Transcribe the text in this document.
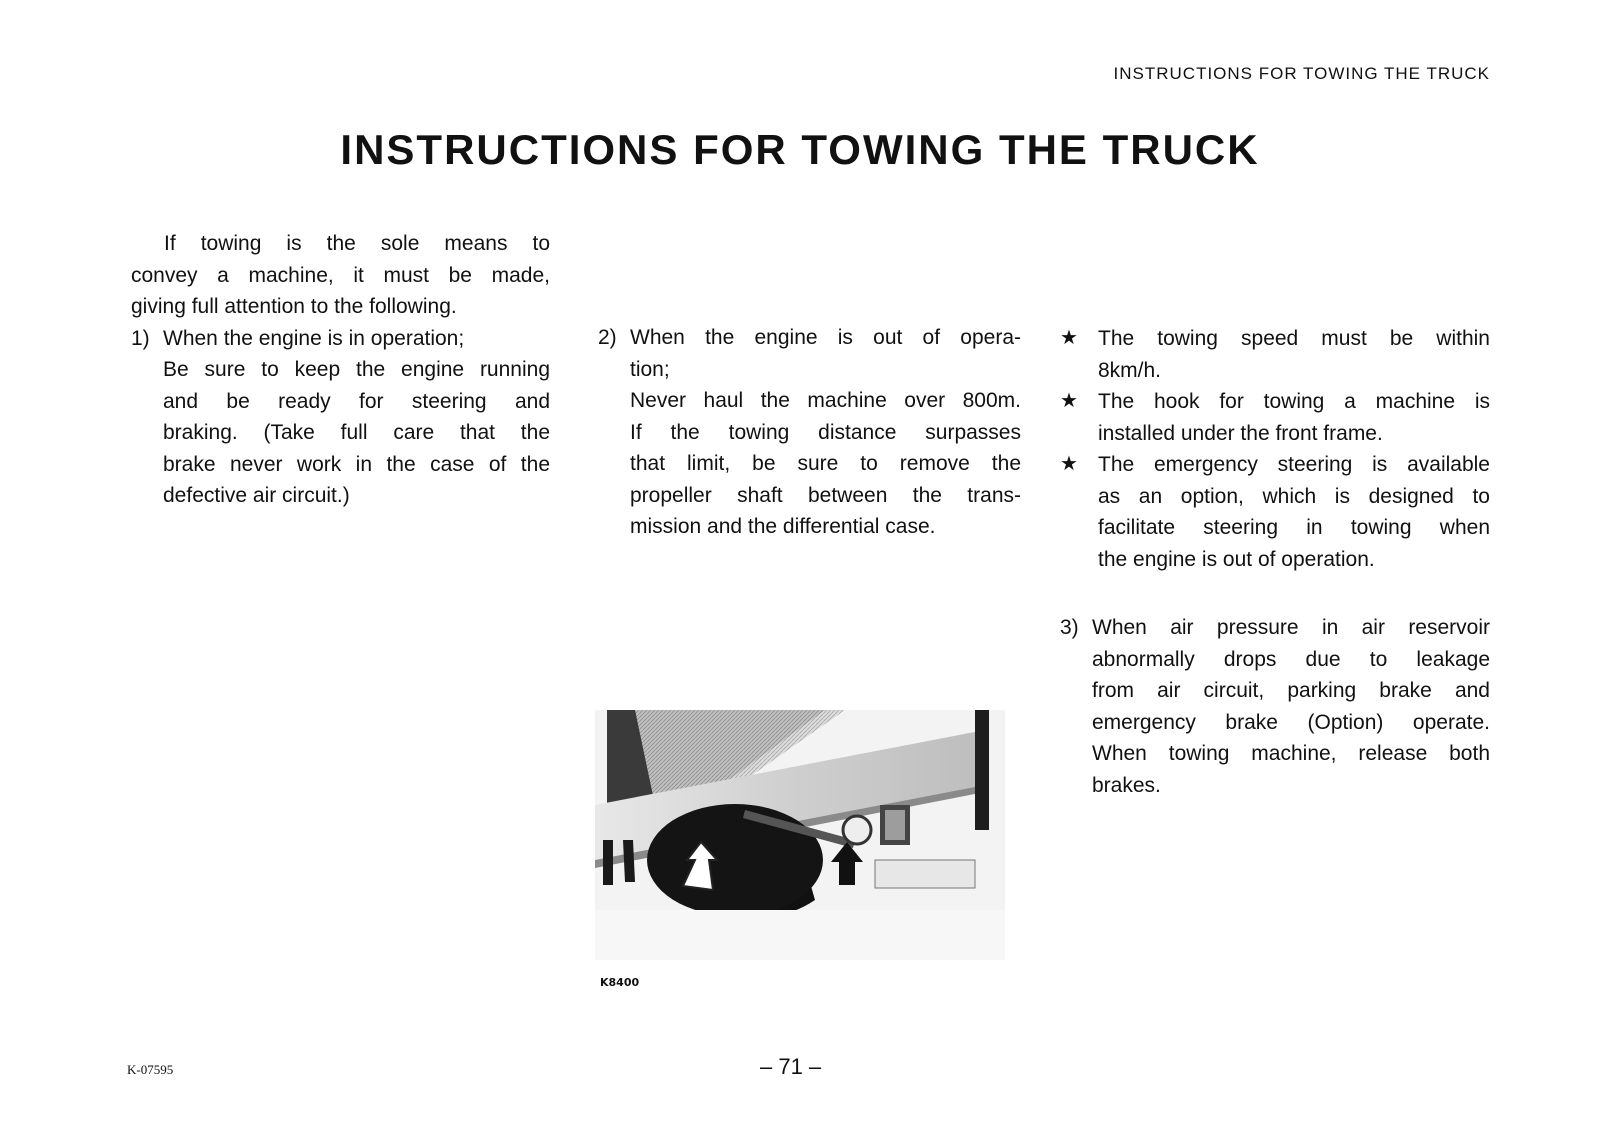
INSTRUCTIONS FOR TOWING THE TRUCK
INSTRUCTIONS FOR TOWING THE TRUCK

If towing is the sole means to

convey a machine, it must be made,

giving full attention to the following.

1) When the engine is in operation;

Be sure to keep the engine running

and be ready for steering and

braking. (Take full care that the

brake never work in the case of the

defective air circuit.)

2) When the engine is out of opera-

tion;

Never haul the machine over 800m.

If the towing distance surpasses

that limit, be sure to remove the

propeller shaft between the trans-

mission and the differential case.

★ The towing speed must be within

8km/h.

★ The hook for towing a machine is

installed under the front frame.

★ The emergency steering is available

as an option, which is designed to

facilitate steering in towing when

the engine is out of operation.

3) When air pressure in air reservoir

abnormally drops due to leakage

from air circuit, parking brake and

emergency brake (Option) operate.

When towing machine, release both

brakes.

K8400
K-07595	– 71 –
